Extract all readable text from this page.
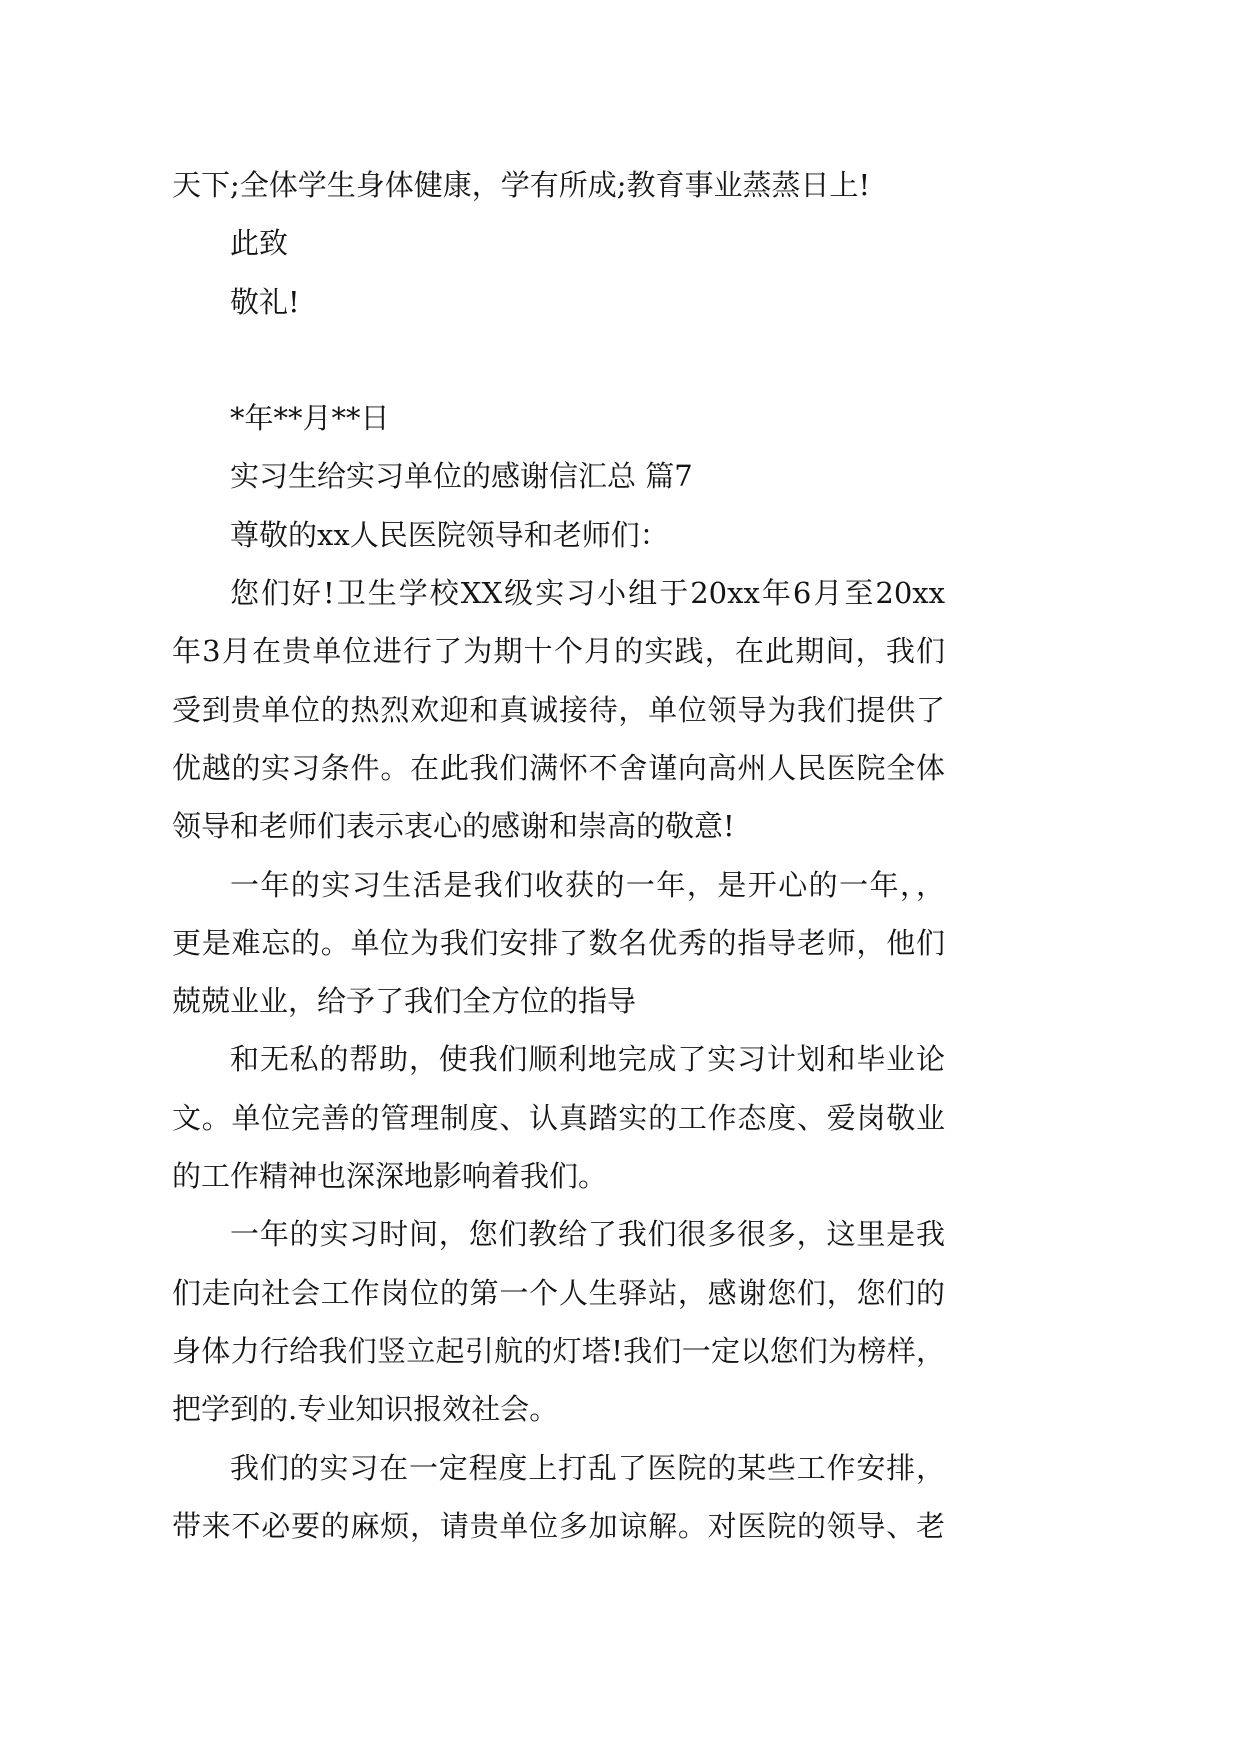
天下;全体学生身体健康，学有所成;教育事业蒸蒸日上!
此致
敬礼!
*年**月**日
实习生给实习单位的感谢信汇总 篇7
尊敬的xx人民医院领导和老师们：
您们好!卫生学校XX级实习小组于20xx年6月至20xx
年3月在贵单位进行了为期十个月的实践，在此期间，我们
受到贵单位的热烈欢迎和真诚接待，单位领导为我们提供了
优越的实习条件。在此我们满怀不舍谨向高州人民医院全体
领导和老师们表示衷心的感谢和崇高的敬意!
一年的实习生活是我们收获的一年，是开心的一年，，
更是难忘的。单位为我们安排了数名优秀的指导老师，他们
兢兢业业，给予了我们全方位的指导
和无私的帮助，使我们顺利地完成了实习计划和毕业论
文。单位完善的管理制度、认真踏实的工作态度、爱岗敬业
的工作精神也深深地影响着我们。
一年的实习时间，您们教给了我们很多很多，这里是我
们走向社会工作岗位的第一个人生驿站，感谢您们，您们的
身体力行给我们竖立起引航的灯塔!我们一定以您们为榜样，
把学到的.专业知识报效社会。
我们的实习在一定程度上打乱了医院的某些工作安排，
带来不必要的麻烦，请贵单位多加谅解。对医院的领导、老
